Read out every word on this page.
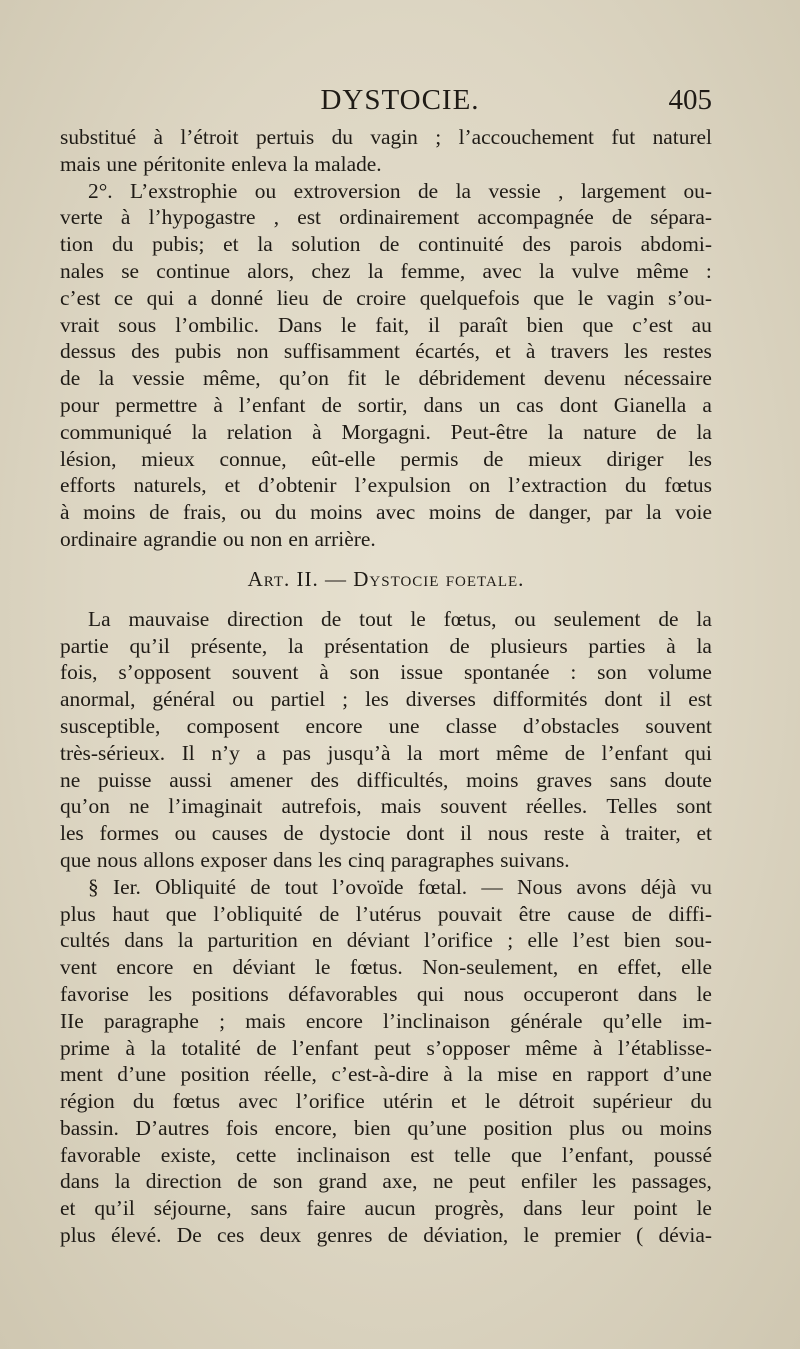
DYSTOCIE.	405
substitué à l’étroit pertuis du vagin ; l’accouchement fut naturel
mais une péritonite enleva la malade.
2°. L’exstrophie ou extroversion de la vessie , largement ou-
verte à l’hypogastre , est ordinairement accompagnée de sépara-
tion du pubis; et la solution de continuité des parois abdomi-
nales se continue alors, chez la femme, avec la vulve même :
c’est ce qui a donné lieu de croire quelquefois que le vagin s’ou-
vrait sous l’ombilic. Dans le fait, il paraît bien que c’est au
dessus des pubis non suffisamment écartés, et à travers les restes
de la vessie même, qu’on fit le débridement devenu nécessaire
pour permettre à l’enfant de sortir, dans un cas dont Gianella a
communiqué la relation à Morgagni. Peut-être la nature de la
lésion, mieux connue, eût-elle permis de mieux diriger les
efforts naturels, et d’obtenir l’expulsion on l’extraction du fœtus
à moins de frais, ou du moins avec moins de danger, par la voie
ordinaire agrandie ou non en arrière.
Art. II. — Dystocie foetale.
La mauvaise direction de tout le fœtus, ou seulement de la
partie qu’il présente, la présentation de plusieurs parties à la
fois, s’opposent souvent à son issue spontanée : son volume
anormal, général ou partiel ; les diverses difformités dont il est
susceptible, composent encore une classe d’obstacles souvent
très-sérieux. Il n’y a pas jusqu’à la mort même de l’enfant qui
ne puisse aussi amener des difficultés, moins graves sans doute
qu’on ne l’imaginait autrefois, mais souvent réelles. Telles sont
les formes ou causes de dystocie dont il nous reste à traiter, et
que nous allons exposer dans les cinq paragraphes suivans.
§ Ier. Obliquité de tout l’ovoïde fœtal. — Nous avons déjà vu
plus haut que l’obliquité de l’utérus pouvait être cause de diffi-
cultés dans la parturition en déviant l’orifice ; elle l’est bien sou-
vent encore en déviant le fœtus. Non-seulement, en effet, elle
favorise les positions défavorables qui nous occuperont dans le
IIe paragraphe ; mais encore l’inclinaison générale qu’elle im-
prime à la totalité de l’enfant peut s’opposer même à l’établisse-
ment d’une position réelle, c’est-à-dire à la mise en rapport d’une
région du fœtus avec l’orifice utérin et le détroit supérieur du
bassin. D’autres fois encore, bien qu’une position plus ou moins
favorable existe, cette inclinaison est telle que l’enfant, poussé
dans la direction de son grand axe, ne peut enfiler les passages,
et qu’il séjourne, sans faire aucun progrès, dans leur point le
plus élevé. De ces deux genres de déviation, le premier ( dévia-
